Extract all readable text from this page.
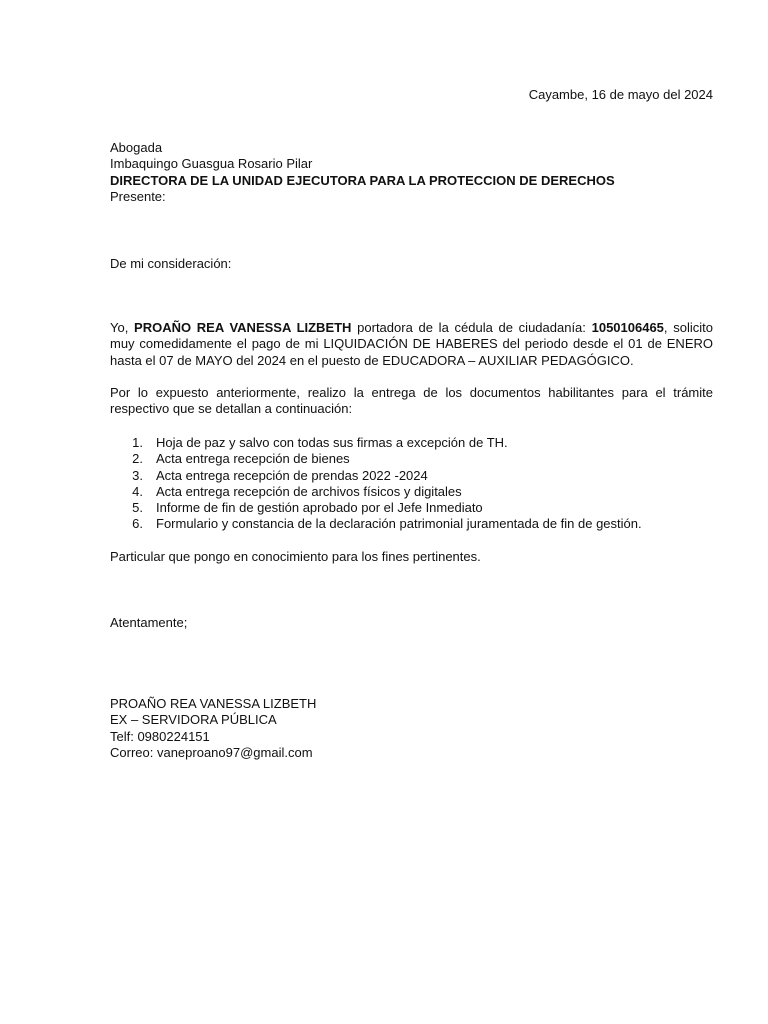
Cayambe, 16 de mayo del 2024
Abogada
Imbaquingo Guasgua Rosario Pilar
DIRECTORA DE LA UNIDAD EJECUTORA PARA LA PROTECCION DE DERECHOS
Presente:
De mi consideración:

Yo, PROAÑO REA VANESSA LIZBETH portadora de la cédula de ciudadanía: 1050106465, solicito muy comedidamente el pago de mi LIQUIDACIÓN DE HABERES del periodo desde el 01 de ENERO hasta el 07 de MAYO del 2024 en el puesto de EDUCADORA – AUXILIAR PEDAGÓGICO.

Por lo expuesto anteriormente, realizo la entrega de los documentos habilitantes para el trámite respectivo que se detallan a continuación:

1. Hoja de paz y salvo con todas sus firmas a excepción de TH.
2. Acta entrega recepción de bienes
3. Acta entrega recepción de prendas 2022 -2024
4. Acta entrega recepción de archivos físicos y digitales
5. Informe de fin de gestión aprobado por el Jefe Inmediato
6. Formulario y constancia de la declaración patrimonial juramentada de fin de gestión.
Particular que pongo en conocimiento para los fines pertinentes.
Atentamente;
PROAÑO REA VANESSA LIZBETH
EX – SERVIDORA PÚBLICA
Telf: 0980224151
Correo: vaneproano97@gmail.com
